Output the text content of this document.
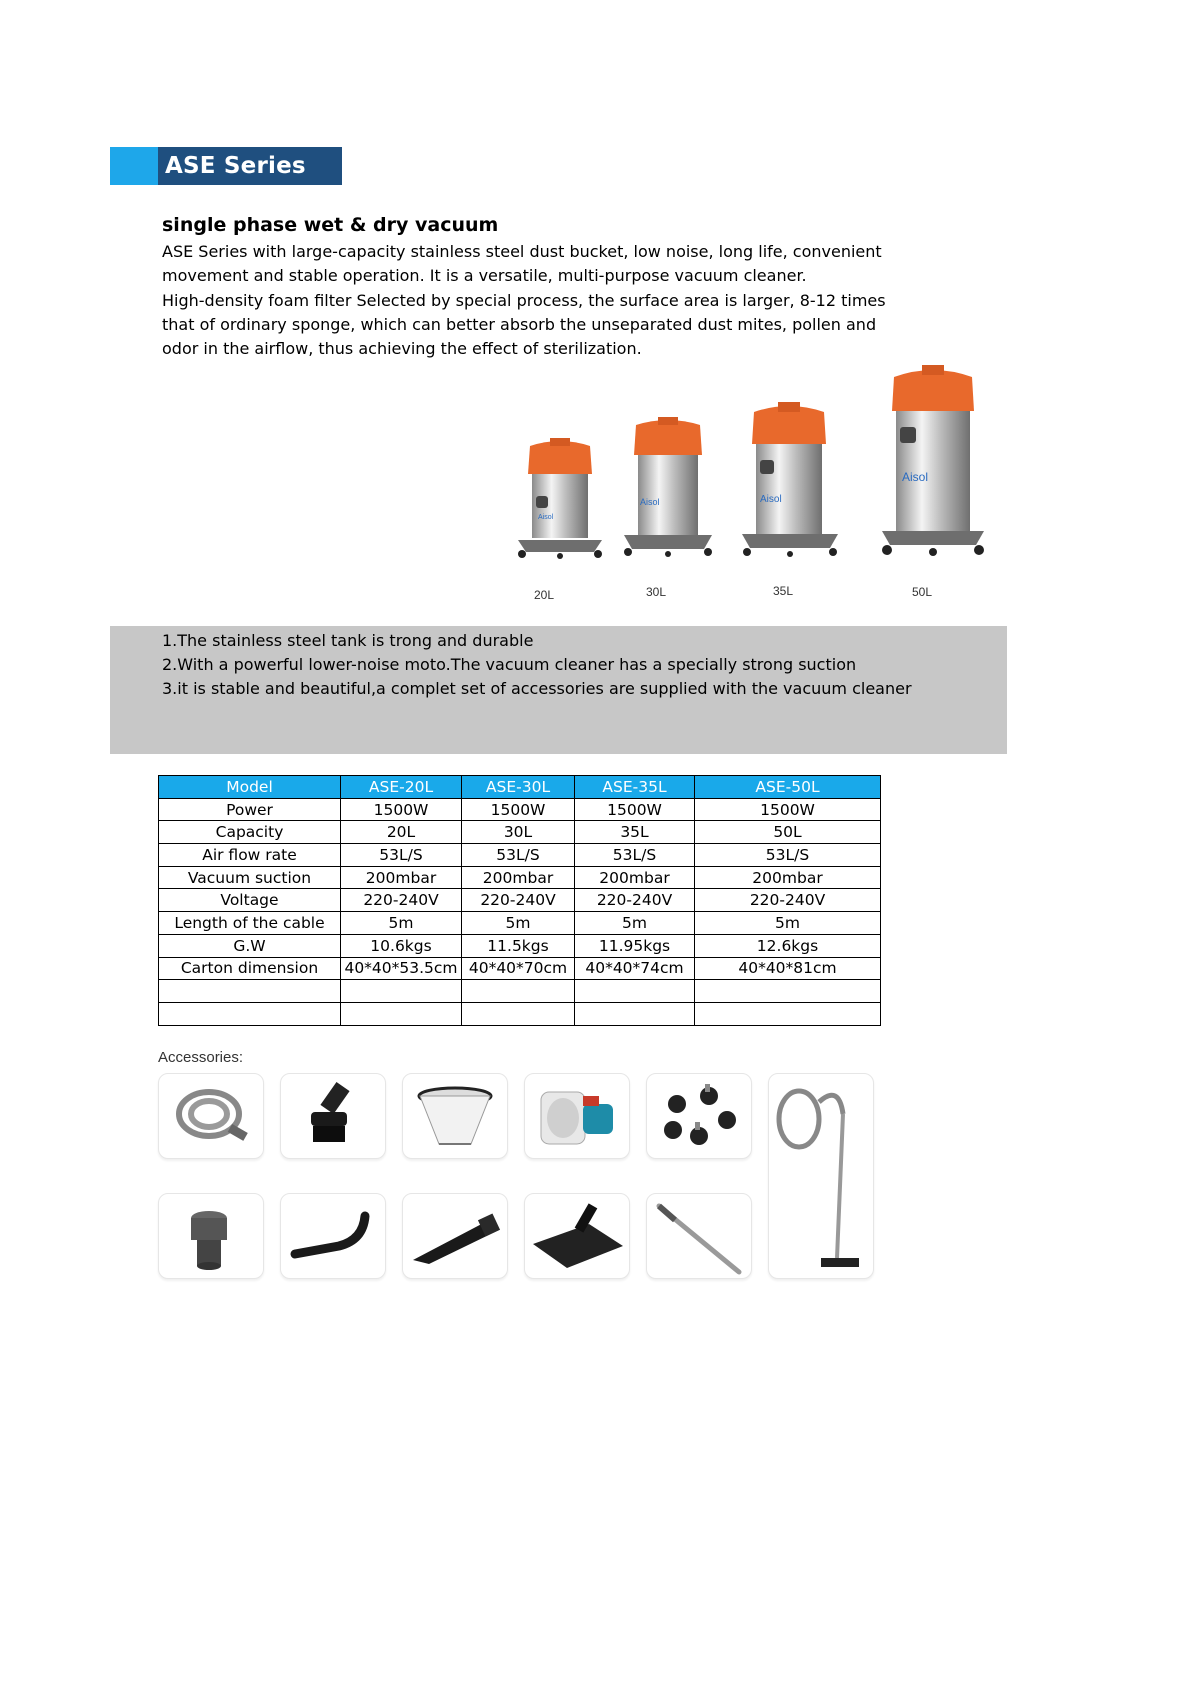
ASE Series
single phase wet & dry vacuum

ASE Series with large-capacity stainless steel dust bucket, low noise, long life, convenient movement and stable operation. It is a versatile, multi-purpose vacuum cleaner.

High-density foam filter Selected by special process, the surface area is larger, 8-12 times that of ordinary sponge, which can better absorb the unseparated dust mites, pollen and odor in the airflow, thus achieving the effect of sterilization.

Aisol
Aisol	Aisol
Aisol
20L	30L	35L	50L
1.The stainless steel tank is trong and durable
2.With a powerful lower-noise moto.The vacuum cleaner has a specially strong suction
3.it is stable and beautiful,a complet set of accessories are supplied with the vacuum cleaner
Model	ASE-20L	ASE-30L	ASE-35L	ASE-50L
Power	1500W	1500W	1500W	1500W
Capacity	20L	30L	35L	50L
Air flow rate	53L/S	53L/S	53L/S	53L/S
Vacuum suction	200mbar	200mbar	200mbar	200mbar
Voltage	220-240V	220-240V	220-240V	220-240V
Length of the cable	5m	5m	5m	5m
G.W	10.6kgs	11.5kgs	11.95kgs	12.6kgs
Carton dimension	40*40*53.5cm	40*40*70cm	40*40*74cm	40*40*81cm

Accessories:
